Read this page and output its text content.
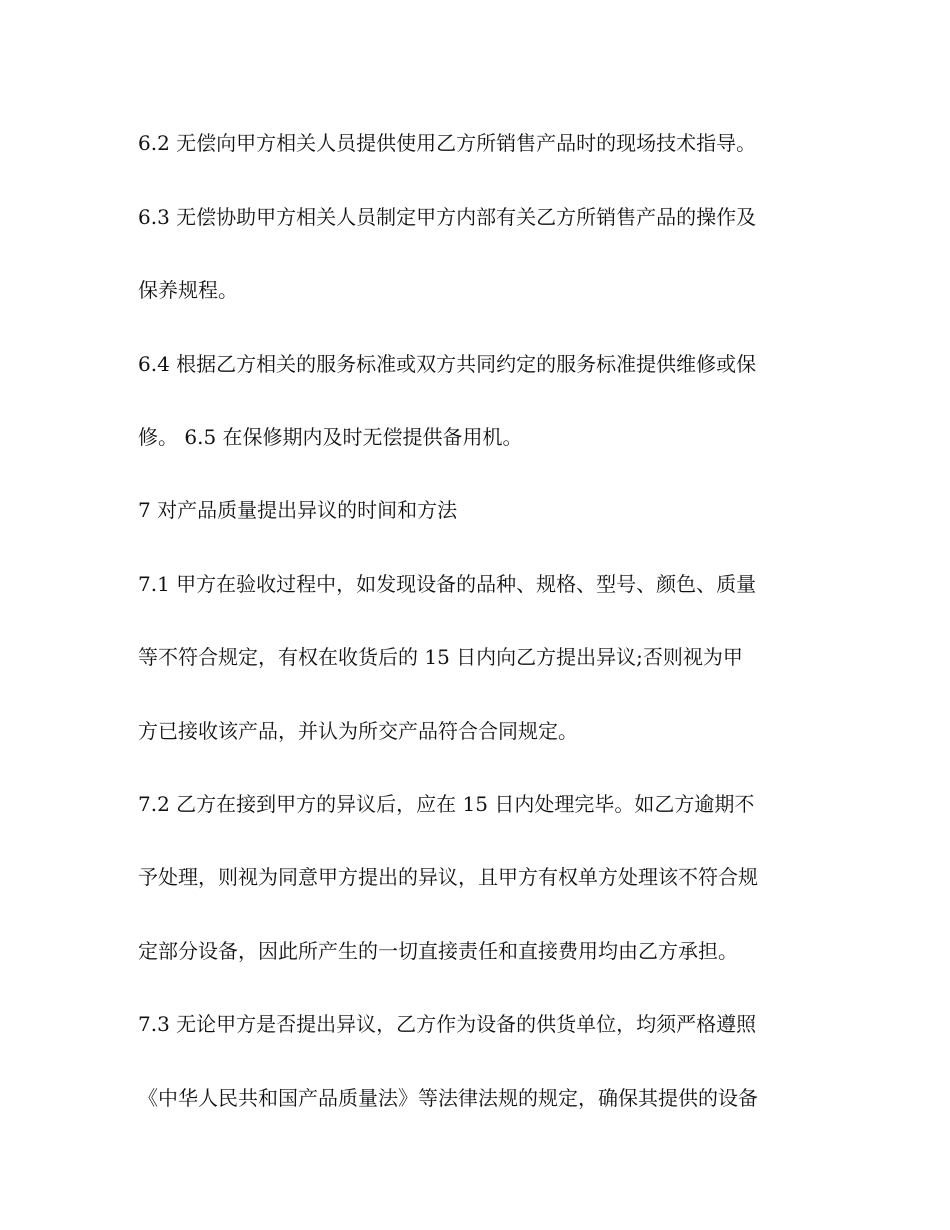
6.2 无偿向甲方相关人员提供使用乙方所销售产品时的现场技术指导。
6.3 无偿协助甲方相关人员制定甲方内部有关乙方所销售产品的操作及
保养规程。
6.4 根据乙方相关的服务标准或双方共同约定的服务标准提供维修或保
修。 6.5 在保修期内及时无偿提供备用机。
7 对产品质量提出异议的时间和方法
7.1 甲方在验收过程中，如发现设备的品种、规格、型号、颜色、质量
等不符合规定，有权在收货后的 15 日内向乙方提出异议;否则视为甲
方已接收该产品，并认为所交产品符合合同规定。
7.2 乙方在接到甲方的异议后，应在 15 日内处理完毕。如乙方逾期不
予处理，则视为同意甲方提出的异议，且甲方有权单方处理该不符合规
定部分设备，因此所产生的一切直接责任和直接费用均由乙方承担。
7.3 无论甲方是否提出异议，乙方作为设备的供货单位，均须严格遵照
《中华人民共和国产品质量法》等法律法规的规定，确保其提供的设备
